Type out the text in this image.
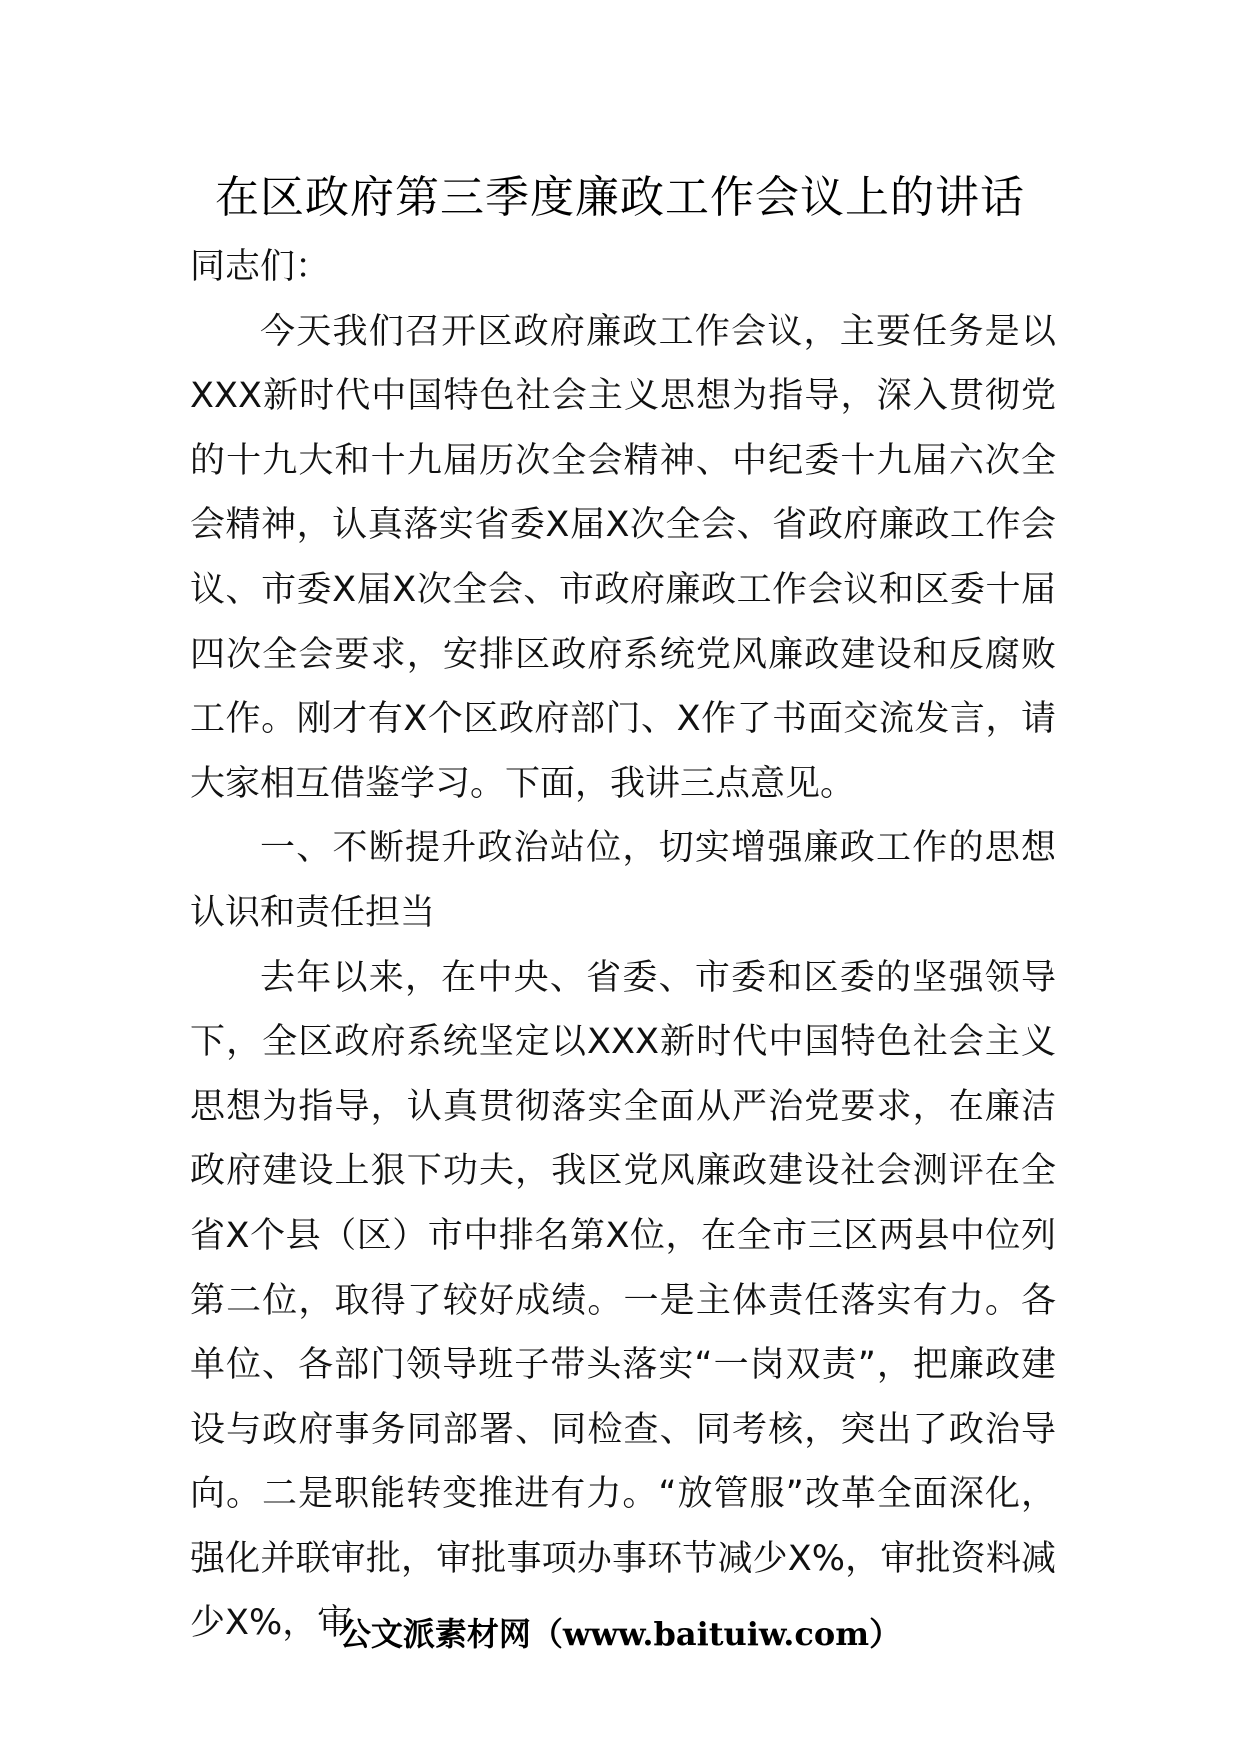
在区政府第三季度廉政工作会议上的讲话

同志们：

今天我们召开区政府廉政工作会议，主要任务是以XXX新时代中国特色社会主义思想为指导，深入贯彻党的十九大和十九届历次全会精神、中纪委十九届六次全会精神，认真落实省委X届X次全会、省政府廉政工作会议、市委X届X次全会、市政府廉政工作会议和区委十届四次全会要求，安排区政府系统党风廉政建设和反腐败工作。刚才有X个区政府部门、X作了书面交流发言，请大家相互借鉴学习。下面，我讲三点意见。

一、不断提升政治站位，切实增强廉政工作的思想认识和责任担当

去年以来，在中央、省委、市委和区委的坚强领导下，全区政府系统坚定以XXX新时代中国特色社会主义思想为指导，认真贯彻落实全面从严治党要求，在廉洁政府建设上狠下功夫，我区党风廉政建设社会测评在全省X个县（区）市中排名第X位，在全市三区两县中位列第二位，取得了较好成绩。一是主体责任落实有力。各单位、各部门领导班子带头落实“一岗双责”，把廉政建设与政府事务同部署、同检查、同考核，突出了政治导向。二是职能转变推进有力。“放管服”改革全面深化，强化并联审批，审批事项办事环节减少X%，审批资料减少X%，审

公文派素材网（www.baituiw.com）
